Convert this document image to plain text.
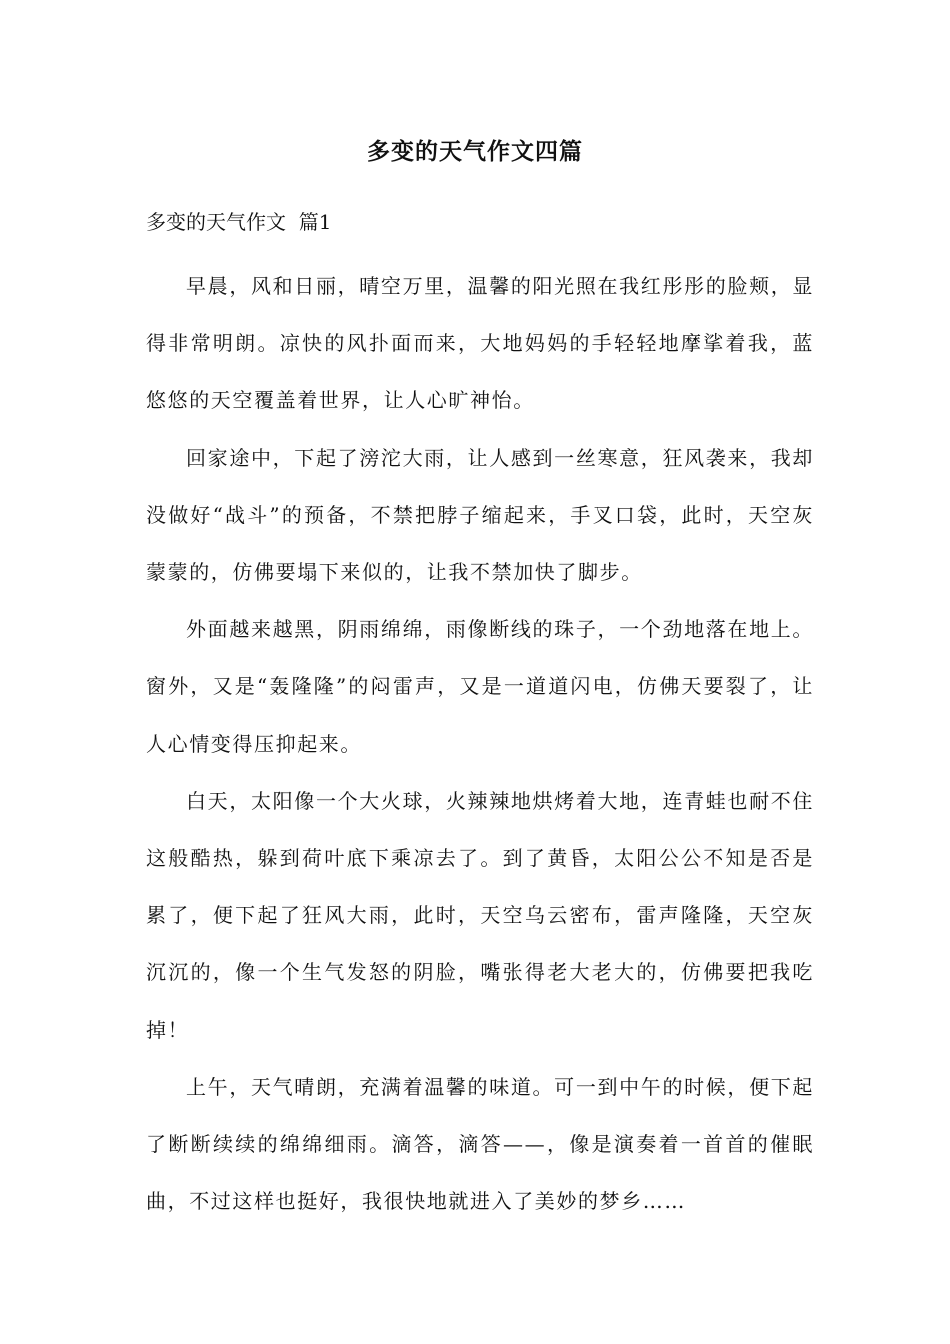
多变的天气作文四篇
多变的天气作文  篇1

早晨，风和日丽，晴空万里，温馨的阳光照在我红彤彤的脸颊，显得非常明朗。凉快的风扑面而来，大地妈妈的手轻轻地摩挲着我，蓝悠悠的天空覆盖着世界，让人心旷神怡。

回家途中，下起了滂沱大雨，让人感到一丝寒意，狂风袭来，我却没做好“战斗”的预备，不禁把脖子缩起来，手叉口袋，此时，天空灰蒙蒙的，仿佛要塌下来似的，让我不禁加快了脚步。

外面越来越黑，阴雨绵绵，雨像断线的珠子，一个劲地落在地上。窗外，又是“轰隆隆”的闷雷声，又是一道道闪电，仿佛天要裂了，让人心情变得压抑起来。

白天，太阳像一个大火球，火辣辣地烘烤着大地，连青蛙也耐不住这般酷热，躲到荷叶底下乘凉去了。到了黄昏，太阳公公不知是否是累了，便下起了狂风大雨，此时，天空乌云密布，雷声隆隆，天空灰沉沉的，像一个生气发怒的阴脸，嘴张得老大老大的，仿佛要把我吃掉！

上午，天气晴朗，充满着温馨的味道。可一到中午的时候，便下起了断断续续的绵绵细雨。滴答，滴答——，像是演奏着一首首的催眠曲，不过这样也挺好，我很快地就进入了美妙的梦乡……
